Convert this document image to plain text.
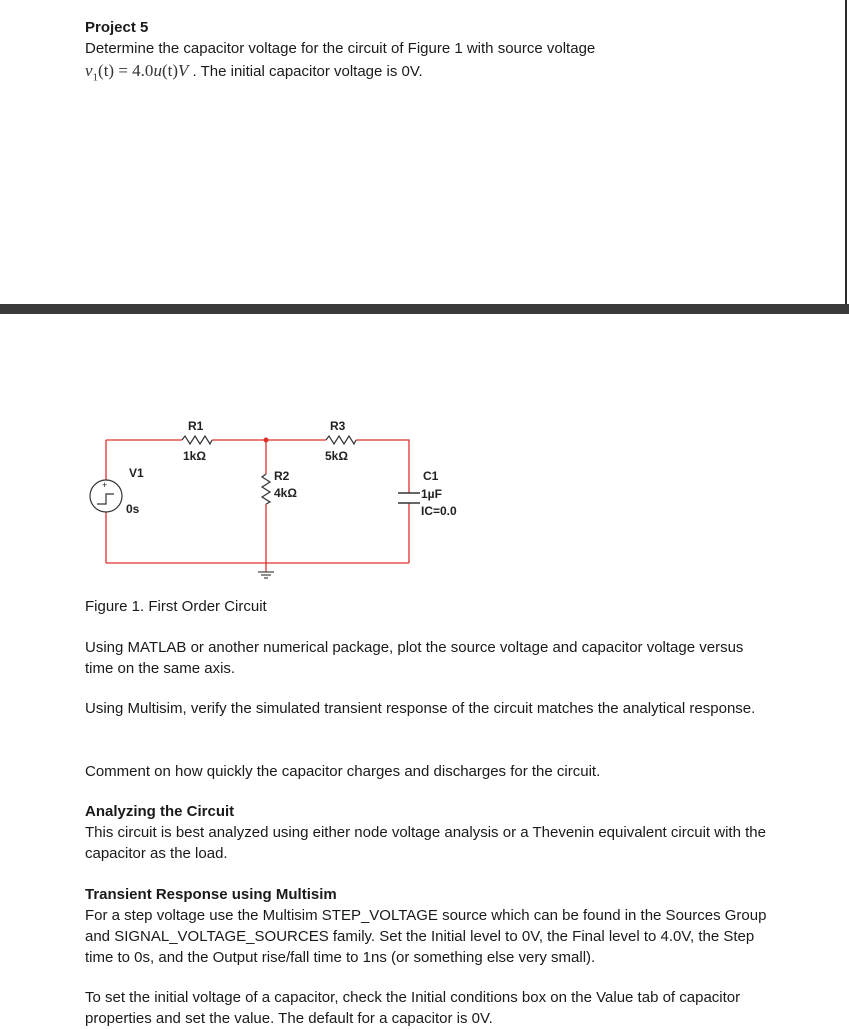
Project 5
Determine the capacitor voltage for the circuit of Figure 1 with source voltage
$v_1(t) = 4.0u(t)V$ . The initial capacitor voltage is 0V.
+
R1
1kΩ
R3
5kΩ
R2
4kΩ
C1
1µF
IC=0.0
V1
0s
Figure 1. First Order Circuit
Using MATLAB or another numerical package, plot the source voltage and capacitor voltage versus time on the same axis.
Using Multisim, verify the simulated transient response of the circuit matches the analytical response.
Comment on how quickly the capacitor charges and discharges for the circuit.
Analyzing the Circuit
This circuit is best analyzed using either node voltage analysis or a Thevenin equivalent circuit with the capacitor as the load.
Transient Response using Multisim
For a step voltage use the Multisim STEP_VOLTAGE source which can be found in the Sources Group and SIGNAL_VOLTAGE_SOURCES family. Set the Initial level to 0V, the Final level to 4.0V, the Step time to 0s, and the Output rise/fall time to 1ns (or something else very small).
To set the initial voltage of a capacitor, check the Initial conditions box on the Value tab of capacitor properties and set the value. The default for a capacitor is 0V.
